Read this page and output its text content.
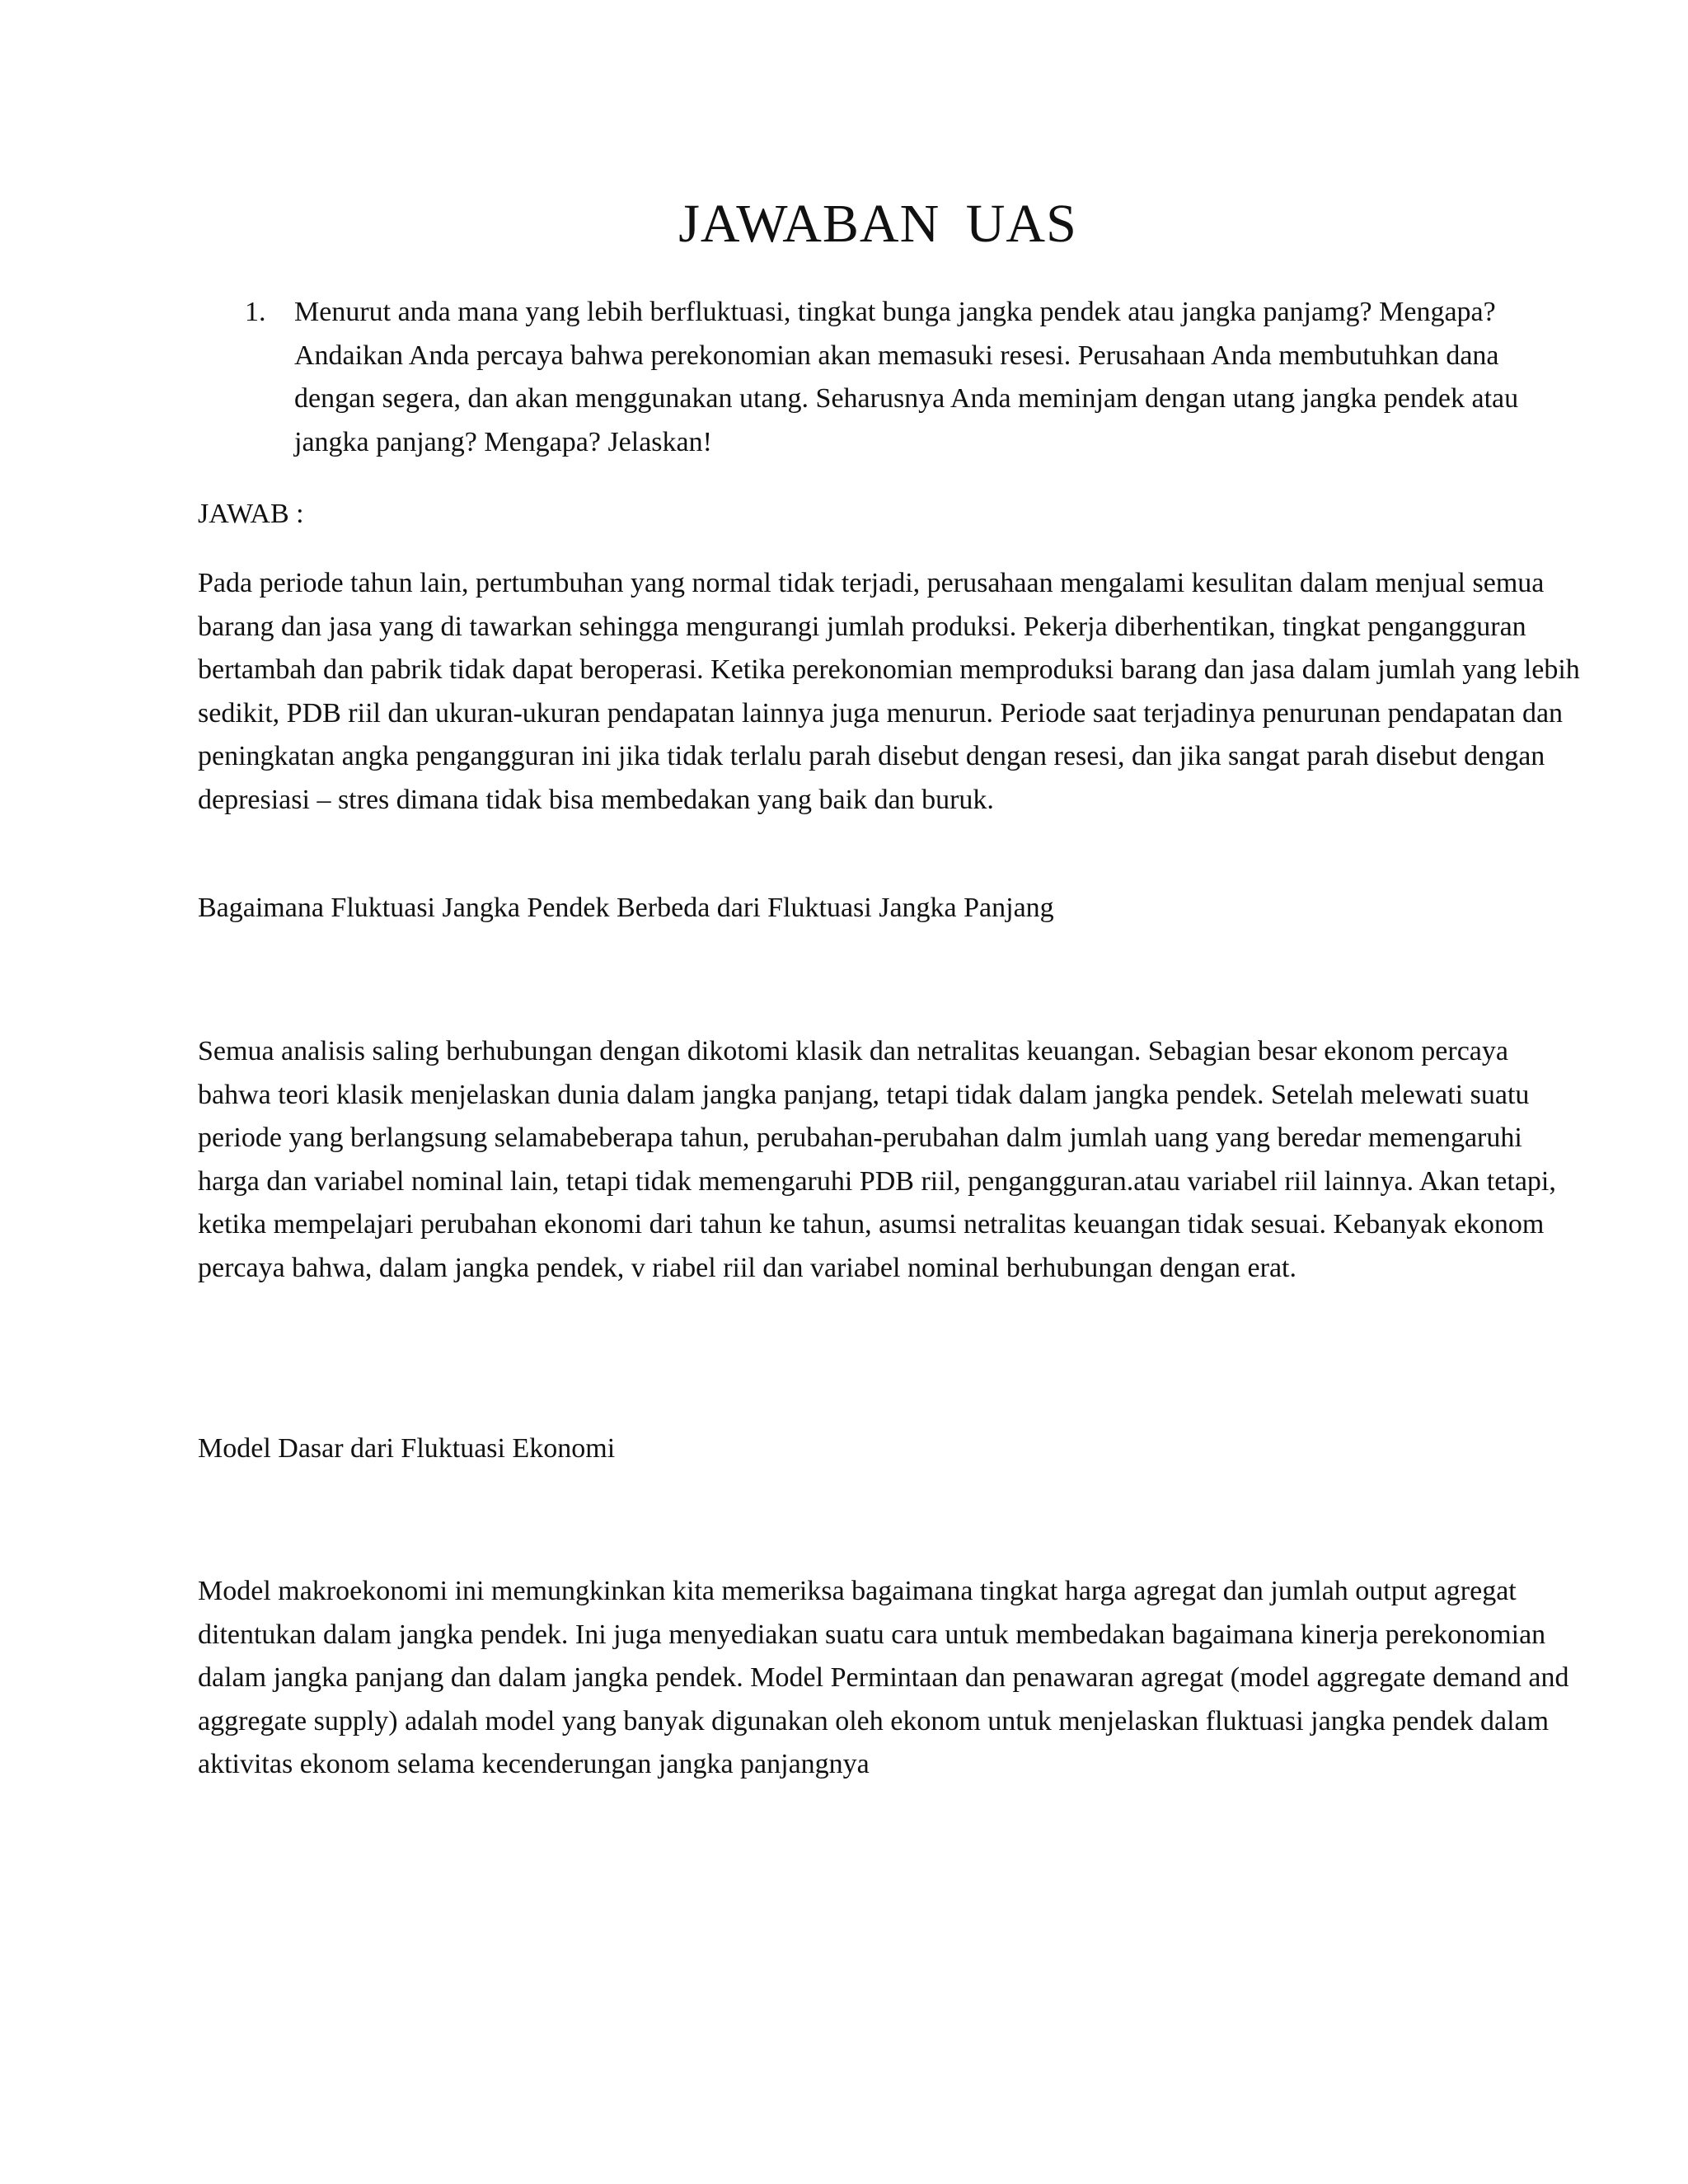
JAWABAN UAS
1. Menurut anda mana yang lebih berfluktuasi, tingkat bunga jangka pendek atau jangka panjamg? Mengapa? Andaikan Anda percaya bahwa perekonomian akan memasuki resesi. Perusahaan Anda membutuhkan dana dengan segera, dan akan menggunakan utang. Seharusnya Anda meminjam dengan utang jangka pendek atau jangka panjang? Mengapa? Jelaskan!

JAWAB :

Pada periode tahun lain, pertumbuhan yang normal tidak terjadi, perusahaan mengalami kesulitan dalam menjual semua barang dan jasa yang di tawarkan sehingga mengurangi jumlah produksi. Pekerja diberhentikan, tingkat pengangguran bertambah dan pabrik tidak dapat beroperasi. Ketika perekonomian memproduksi barang dan jasa dalam jumlah yang lebih sedikit, PDB riil dan ukuran-ukuran pendapatan lainnya juga menurun. Periode saat terjadinya penurunan pendapatan dan peningkatan angka pengangguran ini jika tidak terlalu parah disebut dengan resesi, dan jika sangat parah disebut dengan depresiasi – stres dimana tidak bisa membedakan yang baik dan buruk.

Bagaimana Fluktuasi Jangka Pendek Berbeda dari Fluktuasi Jangka Panjang

Semua analisis saling berhubungan dengan dikotomi klasik dan netralitas keuangan. Sebagian besar ekonom percaya bahwa teori klasik menjelaskan dunia dalam jangka panjang, tetapi tidak dalam jangka pendek. Setelah melewati suatu periode yang berlangsung selamabeberapa tahun, perubahan-perubahan dalm jumlah uang yang beredar memengaruhi harga dan variabel nominal lain, tetapi tidak memengaruhi PDB riil, pengangguran.atau variabel riil lainnya. Akan tetapi, ketika mempelajari perubahan ekonomi dari tahun ke tahun, asumsi netralitas keuangan tidak sesuai. Kebanyak ekonom percaya bahwa, dalam jangka pendek, v riabel riil dan variabel nominal berhubungan dengan erat.

Model Dasar dari Fluktuasi Ekonomi

Model makroekonomi ini memungkinkan kita memeriksa bagaimana tingkat harga agregat dan jumlah output agregat ditentukan dalam jangka pendek. Ini juga menyediakan suatu cara untuk membedakan bagaimana kinerja perekonomian dalam jangka panjang dan dalam jangka pendek. Model Permintaan dan penawaran agregat (model aggregate demand and aggregate supply) adalah model yang banyak digunakan oleh ekonom untuk menjelaskan fluktuasi jangka pendek dalam aktivitas ekonom selama kecenderungan jangka panjangnya
